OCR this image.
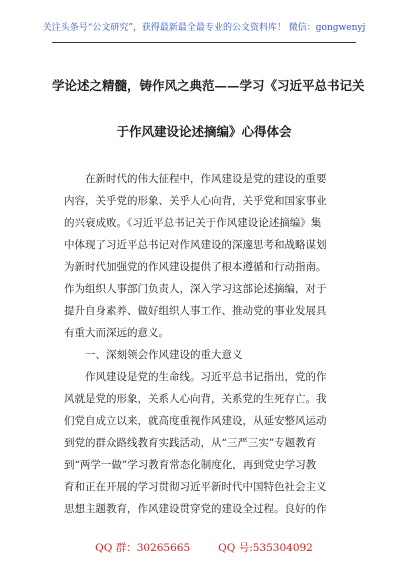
关注头条号“公文研究”，获得最新最全最专业的公文资料库！ 微信：gongwenyj
学论述之精髓，铸作风之典范——学习《习近平总书记关
于作风建设论述摘编》心得体会
　　在新时代的伟大征程中，作风建设是党的建设的重要
内容，关乎党的形象、关乎人心向背，关乎党和国家事业
的兴衰成败。《习近平总书记关于作风建设论述摘编》集
中体现了习近平总书记对作风建设的深邃思考和战略谋划
为新时代加强党的作风建设提供了根本遵循和行动指南。
作为组织人事部门负责人，深入学习这部论述摘编，对于
提升自身素养、做好组织人事工作、推动党的事业发展具
有重大而深远的意义。
　　一、深刻领会作风建设的重大意义
　　作风建设是党的生命线。习近平总书记指出，党的作
风就是党的形象，关系人心向背，关系党的生死存亡。我
们党自成立以来，就高度重视作风建设，从延安整风运动
到党的群众路线教育实践活动，从“三严三实”专题教育
到“两学一做”学习教育常态化制度化，再到党史学习教
育和正在开展的学习贯彻习近平新时代中国特色社会主义
思想主题教育，作风建设贯穿党的建设全过程。良好的作
QQ 群：30265665	QQ 号:535304092
